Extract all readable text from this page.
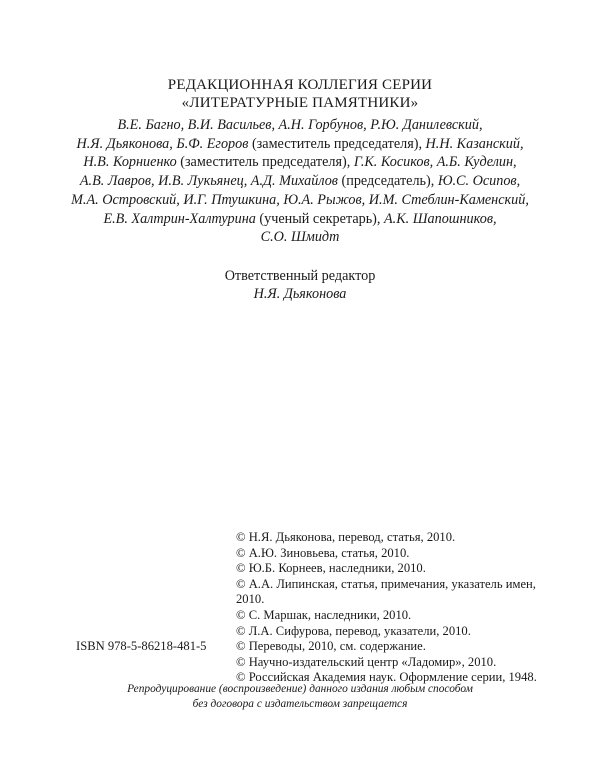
РЕДАКЦИОННАЯ КОЛЛЕГИЯ СЕРИИ
«ЛИТЕРАТУРНЫЕ ПАМЯТНИКИ»
В.Е. Багно, В.И. Васильев, А.Н. Горбунов, Р.Ю. Данилевский,
Н.Я. Дьяконова, Б.Ф. Егоров (заместитель председателя), Н.Н. Казанский,
Н.В. Корниенко (заместитель председателя), Г.К. Косиков, А.Б. Куделин,
А.В. Лавров, И.В. Лукьянец, А.Д. Михайлов (председатель), Ю.С. Осипов,
М.А. Островский, И.Г. Птушкина, Ю.А. Рыжов, И.М. Стеблин-Каменский,
Е.В. Халтрин-Халтурина (ученый секретарь), А.К. Шапошников,
С.О. Шмидт
Ответственный редактор
Н.Я. Дьяконова
© Н.Я. Дьяконова, перевод, статья, 2010.
© А.Ю. Зиновьева, статья, 2010.
© Ю.Б. Корнеев, наследники, 2010.
© А.А. Липинская, статья, примечания, указатель имен,
2010.
© С. Маршак, наследники, 2010.
© Л.А. Сифурова, перевод, указатели, 2010.
© Переводы, 2010, см. содержание.
© Научно-издательский центр «Ладомир», 2010.
© Российская Академия наук. Оформление серии, 1948.
ISBN 978-5-86218-481-5
Репродуцирование (воспроизведение) данного издания любым способом
без договора с издательством запрещается
